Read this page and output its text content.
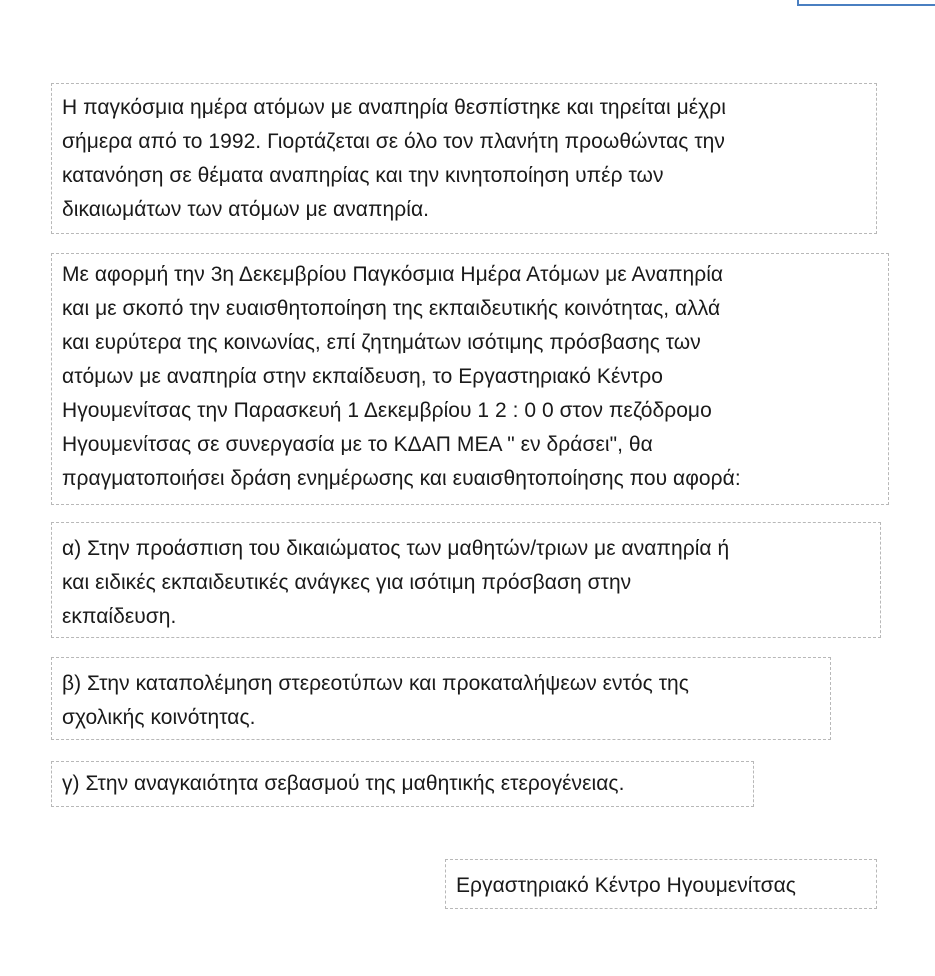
Η παγκόσμια ημέρα ατόμων με αναπηρία θεσπίστηκε και τηρείται μέχρι
σήμερα από το 1992. Γιορτάζεται σε όλο τον πλανήτη προωθώντας την
κατανόηση σε θέματα αναπηρίας και την κινητοποίηση υπέρ των
δικαιωμάτων των ατόμων με αναπηρία.
Με αφορμή την 3η Δεκεμβρίου Παγκόσμια Ημέρα Ατόμων με Αναπηρία
και με σκοπό την ευαισθητοποίηση της εκπαιδευτικής κοινότητας, αλλά
και ευρύτερα της κοινωνίας, επί ζητημάτων ισότιμης πρόσβασης των
ατόμων με αναπηρία στην εκπαίδευση, το Εργαστηριακό Κέντρο
Ηγουμενίτσας την Παρασκευή 1 Δεκεμβρίου 1 2 : 0 0 στον πεζόδρομο
Ηγουμενίτσας σε συνεργασία με το ΚΔΑΠ ΜΕΑ " εν δράσει", θα
πραγματοποιήσει δράση ενημέρωσης και ευαισθητοποίησης που αφορά:
α) Στην προάσπιση του δικαιώματος των μαθητών/τριων με αναπηρία ή
και ειδικές εκπαιδευτικές ανάγκες για ισότιμη πρόσβαση στην
εκπαίδευση.
β) Στην καταπολέμηση στερεοτύπων και προκαταλήψεων εντός της
σχολικής κοινότητας.
γ) Στην αναγκαιότητα σεβασμού της μαθητικής ετερογένειας.
Εργαστηριακό Κέντρο Ηγουμενίτσας
